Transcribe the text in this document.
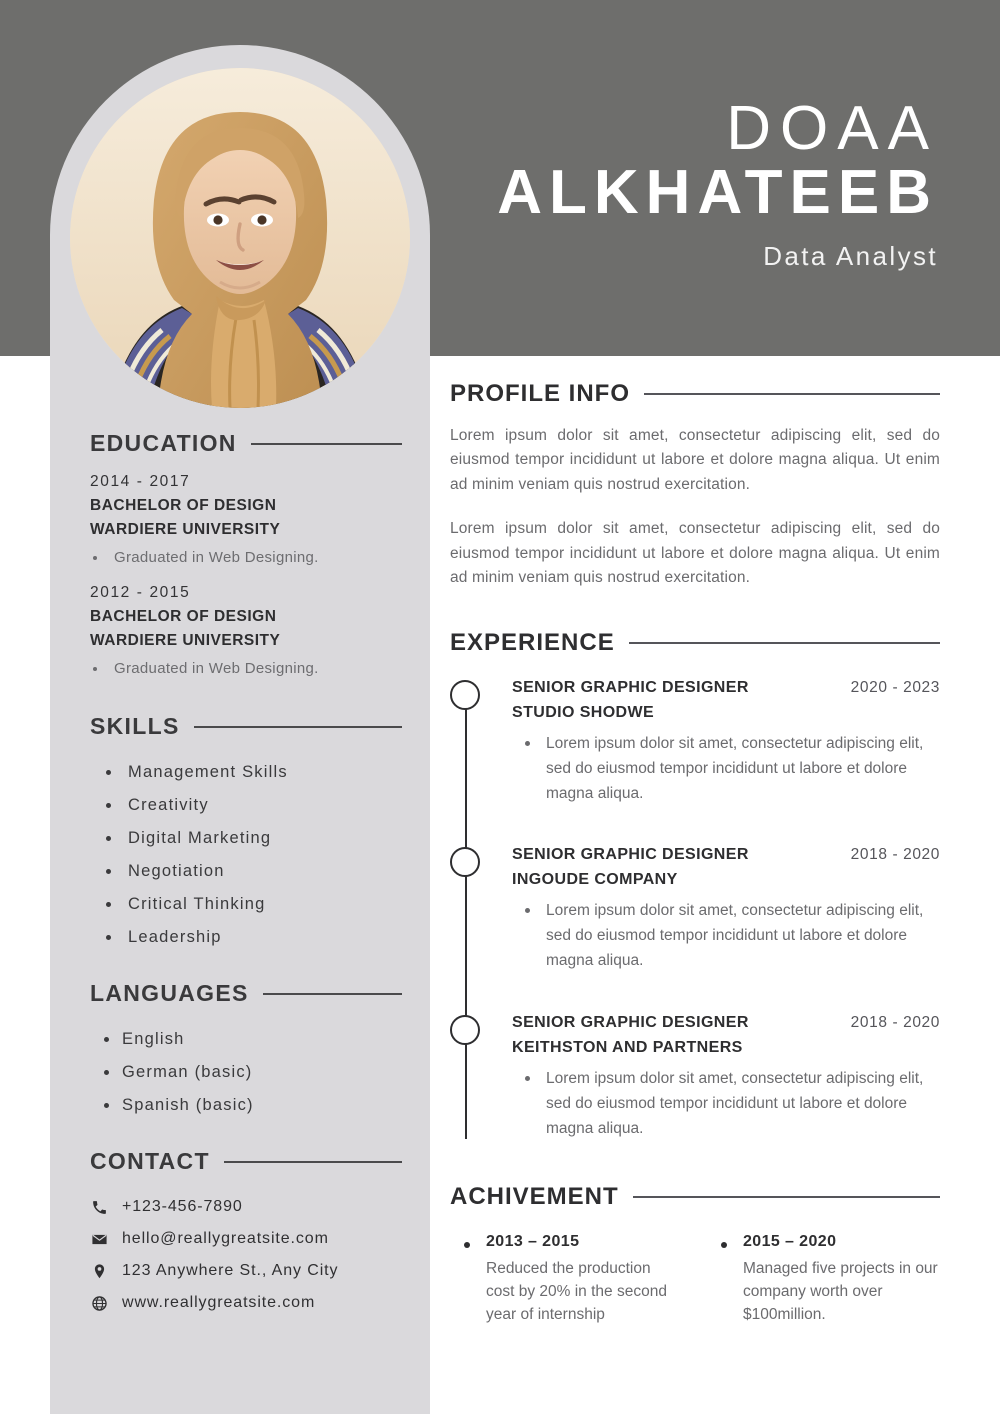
EDUCATION
2014 - 2017
BACHELOR OF DESIGN
WARDIERE UNIVERSITY
• Graduated in Web Designing.
2012 - 2015
BACHELOR OF DESIGN
WARDIERE UNIVERSITY
• Graduated in Web Designing.
SKILLS
Management Skills
Creativity
Digital Marketing
Negotiation
Critical Thinking
Leadership
LANGUAGES
English
German (basic)
Spanish (basic)
CONTACT
+123-456-7890
hello@reallygreatsite.com
123 Anywhere St., Any City
www.reallygreatsite.com
DOAA
ALKHATEEB
Data Analyst
PROFILE INFO

Lorem ipsum dolor sit amet, consectetur adipiscing elit, sed do eiusmod tempor incididunt ut labore et dolore magna aliqua. Ut enim ad minim veniam quis nostrud exercitation.

Lorem ipsum dolor sit amet, consectetur adipiscing elit, sed do eiusmod tempor incididunt ut labore et dolore magna aliqua. Ut enim ad minim veniam quis nostrud exercitation.

EXPERIENCE
SENIOR GRAPHIC DESIGNER	2020 - 2023
STUDIO SHODWE
Lorem ipsum dolor sit amet, consectetur adipiscing elit, sed do eiusmod tempor incididunt ut labore et dolore magna aliqua.
SENIOR GRAPHIC DESIGNER	2018 - 2020
INGOUDE COMPANY
Lorem ipsum dolor sit amet, consectetur adipiscing elit, sed do eiusmod tempor incididunt ut labore et dolore magna aliqua.
SENIOR GRAPHIC DESIGNER	2018 - 2020
KEITHSTON AND PARTNERS
Lorem ipsum dolor sit amet, consectetur adipiscing elit, sed do eiusmod tempor incididunt ut labore et dolore magna aliqua.
ACHIVEMENT
2013 – 2015
Reduced the production cost by 20% in the second year of internship
2015 – 2020
Managed five projects in our company worth over $100million.
